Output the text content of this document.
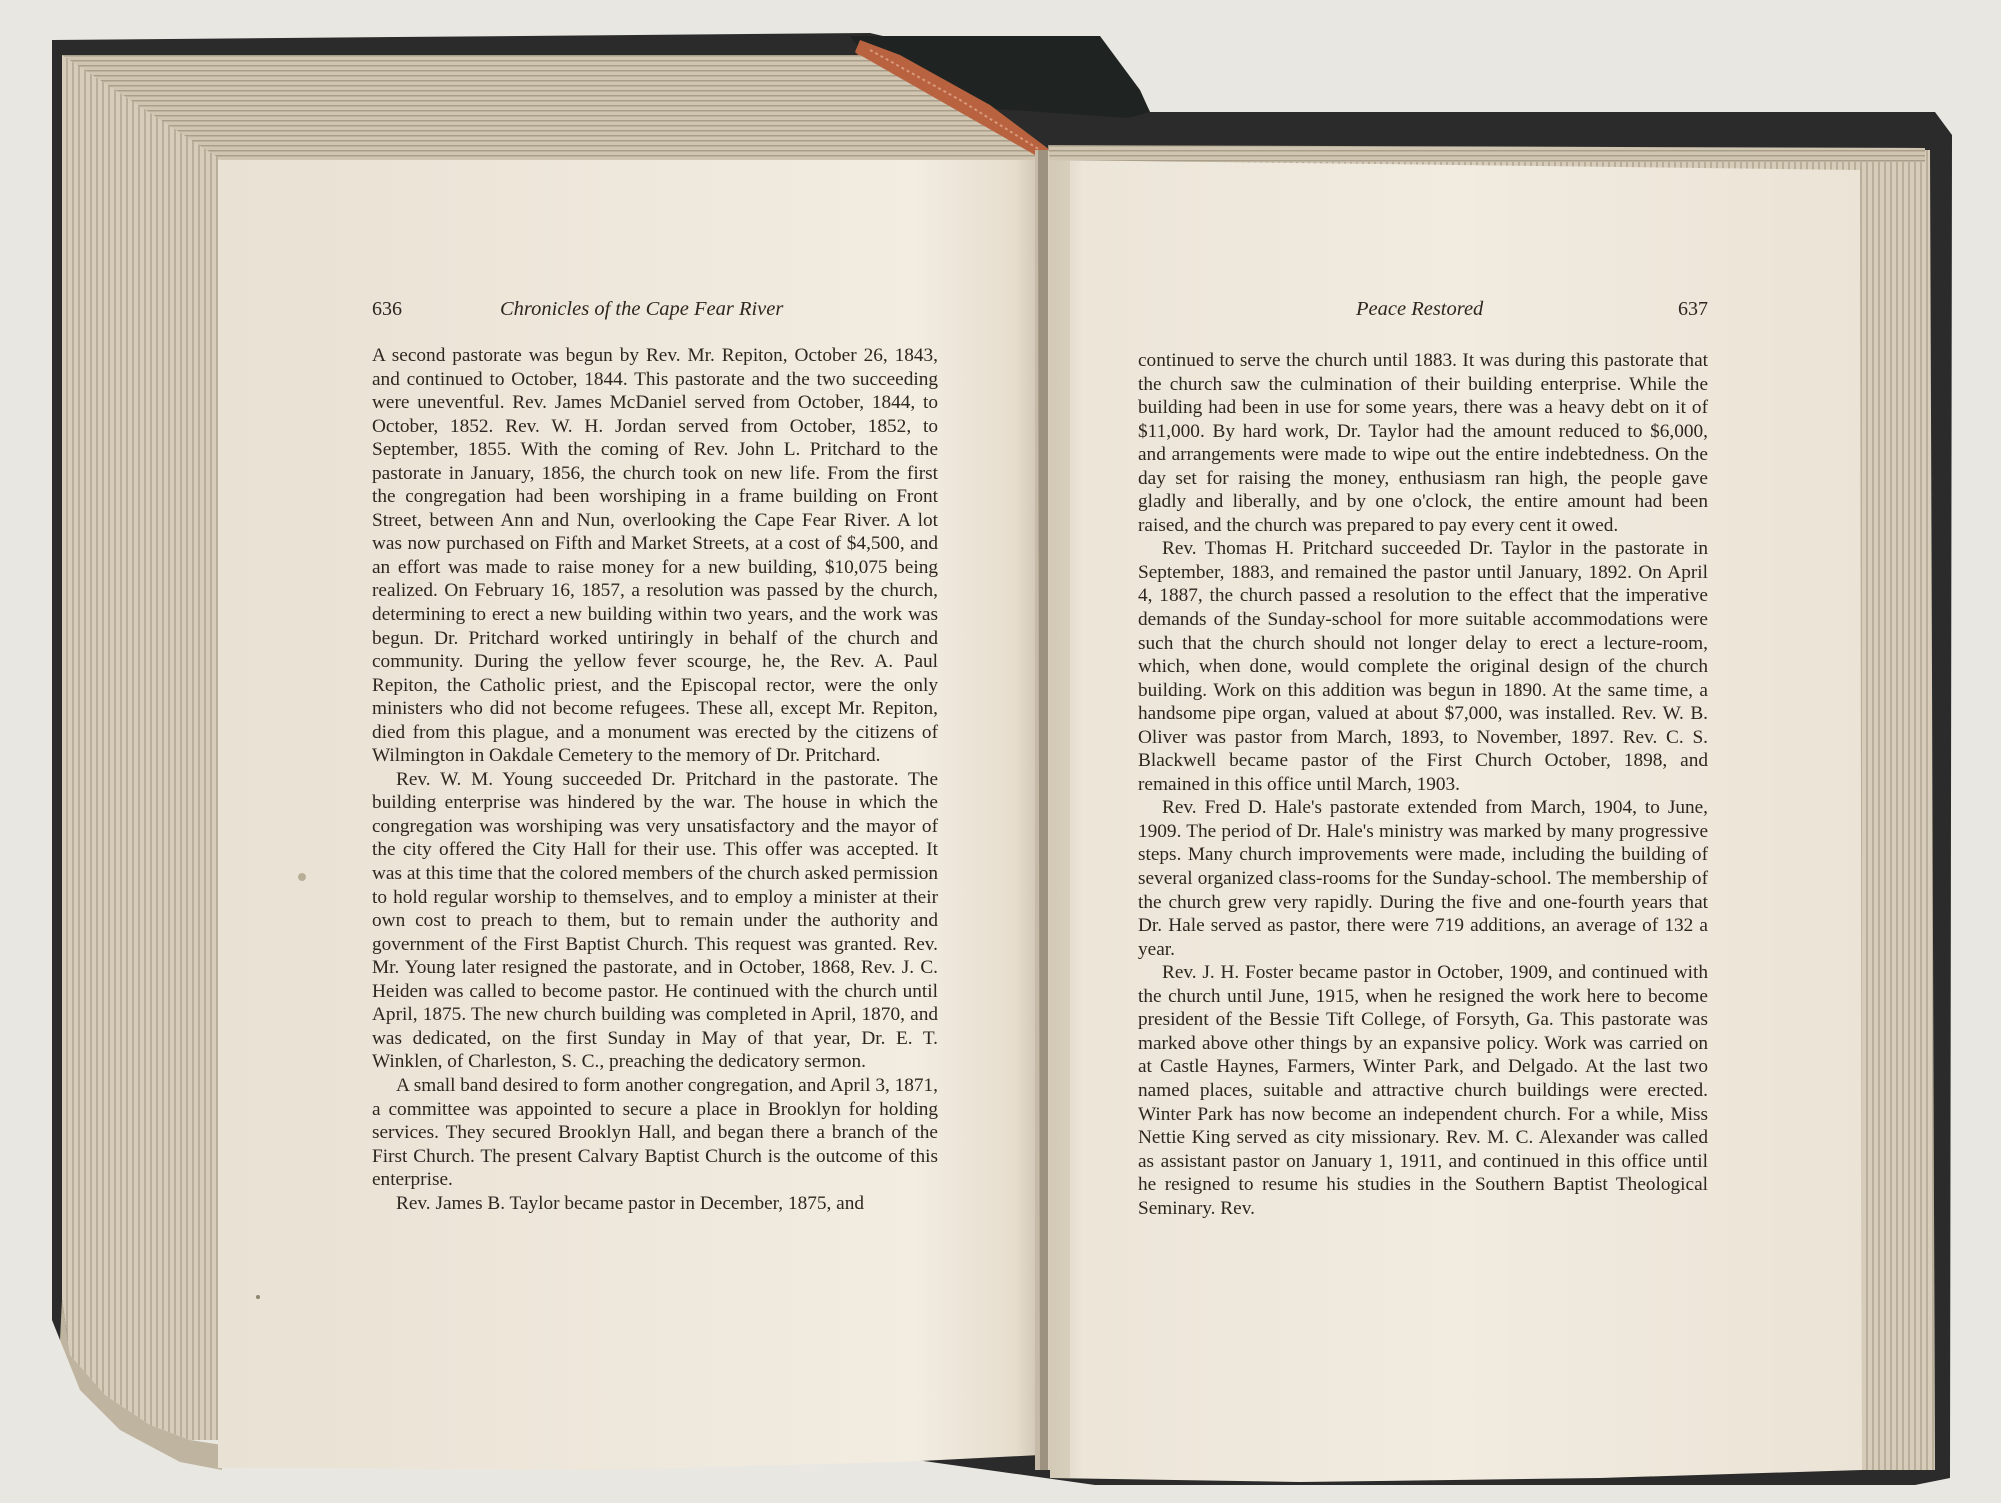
636	Chronicles of the Cape Fear River

A second pastorate was begun by Rev. Mr. Repiton, October 26, 1843, and continued to October, 1844. This pastorate and the two succeeding were uneventful. Rev. James McDaniel served from October, 1844, to October, 1852. Rev. W. H. Jordan served from October, 1852, to September, 1855. With the coming of Rev. John L. Pritchard to the pastorate in January, 1856, the church took on new life. From the first the congregation had been worshiping in a frame building on Front Street, between Ann and Nun, overlooking the Cape Fear River. A lot was now purchased on Fifth and Market Streets, at a cost of $4,500, and an effort was made to raise money for a new building, $10,075 being realized. On February 16, 1857, a resolution was passed by the church, determining to erect a new building within two years, and the work was begun. Dr. Pritchard worked untiringly in behalf of the church and community. During the yellow fever scourge, he, the Rev. A. Paul Repiton, the Catholic priest, and the Episcopal rector, were the only ministers who did not become refugees. These all, except Mr. Repiton, died from this plague, and a monument was erected by the citizens of Wilmington in Oakdale Cemetery to the memory of Dr. Pritchard.

Rev. W. M. Young succeeded Dr. Pritchard in the pastorate. The building enterprise was hindered by the war. The house in which the congregation was worshiping was very unsatisfactory and the mayor of the city offered the City Hall for their use. This offer was accepted. It was at this time that the colored members of the church asked permission to hold regular worship to themselves, and to employ a minister at their own cost to preach to them, but to remain under the authority and government of the First Baptist Church. This request was granted. Rev. Mr. Young later resigned the pastorate, and in October, 1868, Rev. J. C. Heiden was called to become pastor. He continued with the church until April, 1875. The new church building was completed in April, 1870, and was dedicated, on the first Sunday in May of that year, Dr. E. T. Winklen, of Charleston, S. C., preaching the dedicatory sermon.

A small band desired to form another congregation, and April 3, 1871, a committee was appointed to secure a place in Brooklyn for holding services. They secured Brooklyn Hall, and began there a branch of the First Church. The present Calvary Baptist Church is the outcome of this enterprise.

Rev. James B. Taylor became pastor in December, 1875, and

Peace Restored	637

continued to serve the church until 1883. It was during this pastorate that the church saw the culmination of their building enterprise. While the building had been in use for some years, there was a heavy debt on it of $11,000. By hard work, Dr. Taylor had the amount reduced to $6,000, and arrangements were made to wipe out the entire indebtedness. On the day set for raising the money, enthusiasm ran high, the people gave gladly and liberally, and by one o'clock, the entire amount had been raised, and the church was prepared to pay every cent it owed.

Rev. Thomas H. Pritchard succeeded Dr. Taylor in the pastorate in September, 1883, and remained the pastor until January, 1892. On April 4, 1887, the church passed a resolution to the effect that the imperative demands of the Sunday-school for more suitable accommodations were such that the church should not longer delay to erect a lecture-room, which, when done, would complete the original design of the church building. Work on this addition was begun in 1890. At the same time, a handsome pipe organ, valued at about $7,000, was installed. Rev. W. B. Oliver was pastor from March, 1893, to November, 1897. Rev. C. S. Blackwell became pastor of the First Church October, 1898, and remained in this office until March, 1903.

Rev. Fred D. Hale's pastorate extended from March, 1904, to June, 1909. The period of Dr. Hale's ministry was marked by many progressive steps. Many church improvements were made, including the building of several organized class-rooms for the Sunday-school. The membership of the church grew very rapidly. During the five and one-fourth years that Dr. Hale served as pastor, there were 719 additions, an average of 132 a year.

Rev. J. H. Foster became pastor in October, 1909, and continued with the church until June, 1915, when he resigned the work here to become president of the Bessie Tift College, of Forsyth, Ga. This pastorate was marked above other things by an expansive policy. Work was carried on at Castle Haynes, Farmers, Winter Park, and Delgado. At the last two named places, suitable and attractive church buildings were erected. Winter Park has now become an independent church. For a while, Miss Nettie King served as city missionary. Rev. M. C. Alexander was called as assistant pastor on January 1, 1911, and continued in this office until he resigned to resume his studies in the Southern Baptist Theological Seminary. Rev.
